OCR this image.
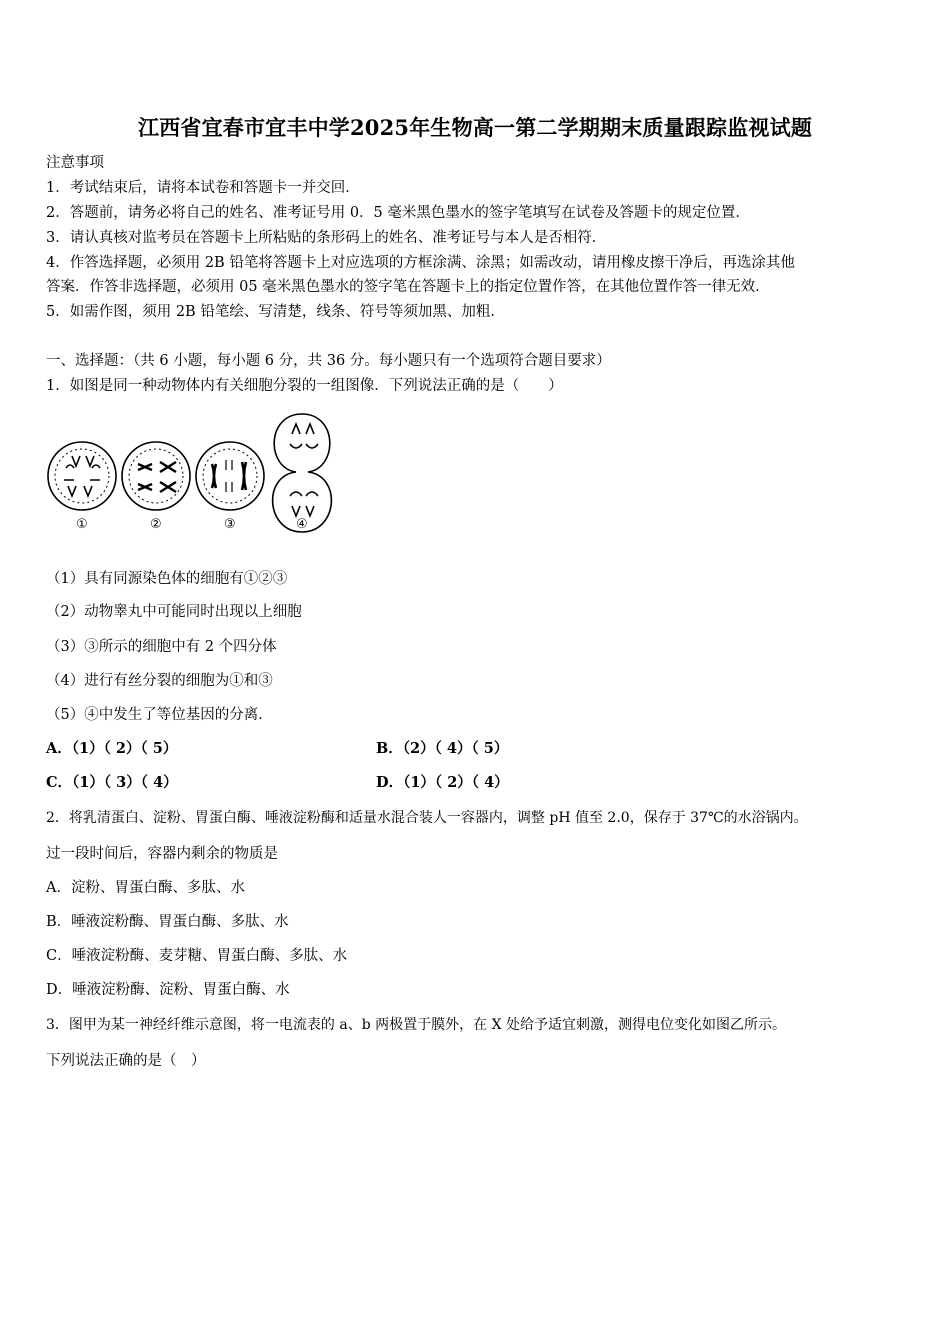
江西省宜春市宜丰中学2025年生物高一第二学期期末质量跟踪监视试题
注意事项
1．考试结束后，请将本试卷和答题卡一并交回．
2．答题前，请务必将自己的姓名、准考证号用 0．5 毫米黑色墨水的签字笔填写在试卷及答题卡的规定位置．
3．请认真核对监考员在答题卡上所粘贴的条形码上的姓名、准考证号与本人是否相符．
4．作答选择题，必须用 2B 铅笔将答题卡上对应选项的方框涂满、涂黑；如需改动，请用橡皮擦干净后，再选涂其他
答案．作答非选择题，必须用 05 毫米黑色墨水的签字笔在答题卡上的指定位置作答，在其他位置作答一律无效．
5．如需作图，须用 2B 铅笔绘、写清楚，线条、符号等须加黑、加粗．
一、选择题：（共 6 小题，每小题 6 分，共 36 分。每小题只有一个选项符合题目要求）
1．如图是同一种动物体内有关细胞分裂的一组图像．下列说法正确的是（　　）
①	②	③	④
（1）具有同源染色体的细胞有①②③
（2）动物睾丸中可能同时出现以上细胞
（3）③所示的细胞中有 2 个四分体
（4）进行有丝分裂的细胞为①和③
（5）④中发生了等位基因的分离．
A．（1）（ 2）（ 5）	B．（2）（ 4）（ 5）
C．（1）（ 3）（ 4）	D．（1）（ 2）（ 4）
2．将乳清蛋白、淀粉、胃蛋白酶、唾液淀粉酶和适量水混合装人一容器内，调整 pH 值至 2.0，保存于 37℃的水浴锅内。
过一段时间后，容器内剩余的物质是
A．淀粉、胃蛋白酶、多肽、水
B．唾液淀粉酶、胃蛋白酶、多肽、水
C．唾液淀粉酶、麦芽糖、胃蛋白酶、多肽、水
D．唾液淀粉酶、淀粉、胃蛋白酶、水
3．图甲为某一神经纤维示意图，将一电流表的 a、b 两极置于膜外，在 X 处给予适宜刺激，测得电位变化如图乙所示。
下列说法正确的是（　）
